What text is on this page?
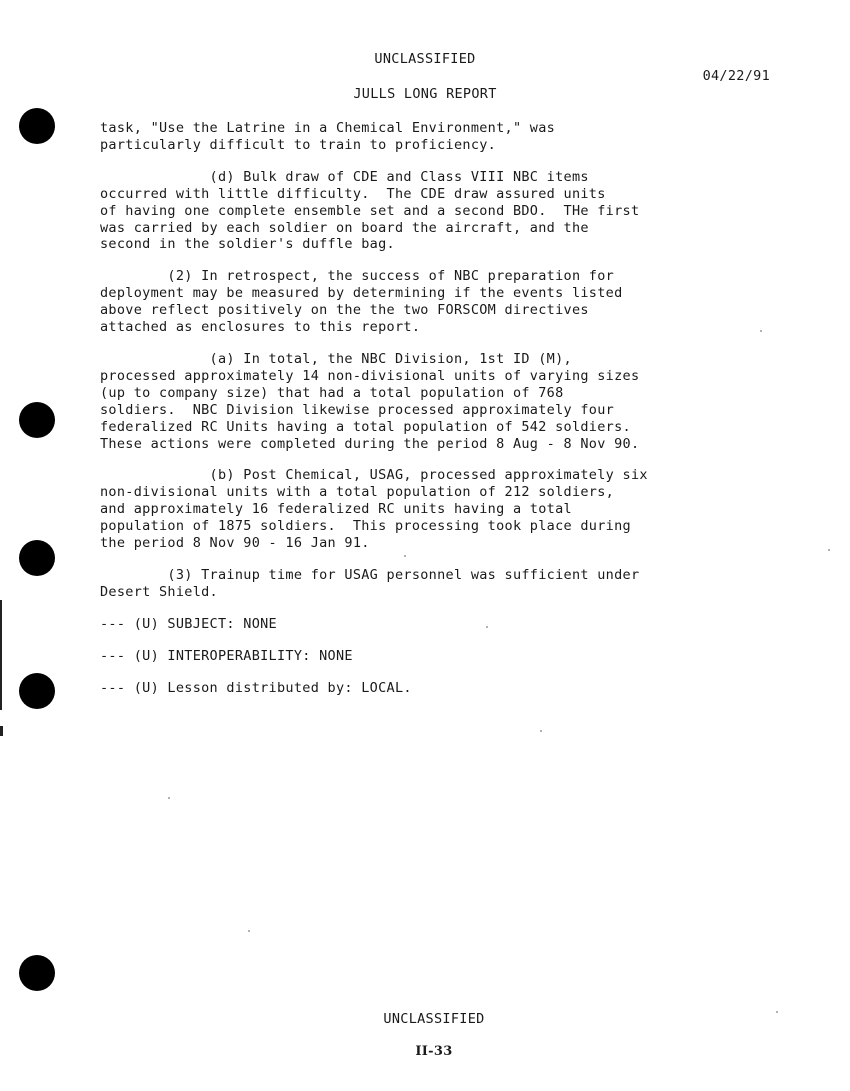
UNCLASSIFIED
04/22/91
JULLS LONG REPORT

task, "Use the Latrine in a Chemical Environment," was
particularly difficult to train to proficiency.

(d) Bulk draw of CDE and Class VIII NBC items
occurred with little difficulty.  The CDE draw assured units
of having one complete ensemble set and a second BDO.  THe first
was carried by each soldier on board the aircraft, and the
second in the soldier's duffle bag.

(2) In retrospect, the success of NBC preparation for
deployment may be measured by determining if the events listed
above reflect positively on the the two FORSCOM directives
attached as enclosures to this report.

(a) In total, the NBC Division, 1st ID (M),
processed approximately 14 non-divisional units of varying sizes
(up to company size) that had a total population of 768
soldiers.  NBC Division likewise processed approximately four
federalized RC Units having a total population of 542 soldiers.
These actions were completed during the period 8 Aug - 8 Nov 90.

(b) Post Chemical, USAG, processed approximately six
non-divisional units with a total population of 212 soldiers,
and approximately 16 federalized RC units having a total
population of 1875 soldiers.  This processing took place during
the period 8 Nov 90 - 16 Jan 91.

(3) Trainup time for USAG personnel was sufficient under
Desert Shield.

--- (U) SUBJECT: NONE

--- (U) INTEROPERABILITY: NONE

--- (U) Lesson distributed by: LOCAL.

UNCLASSIFIED
II-33
